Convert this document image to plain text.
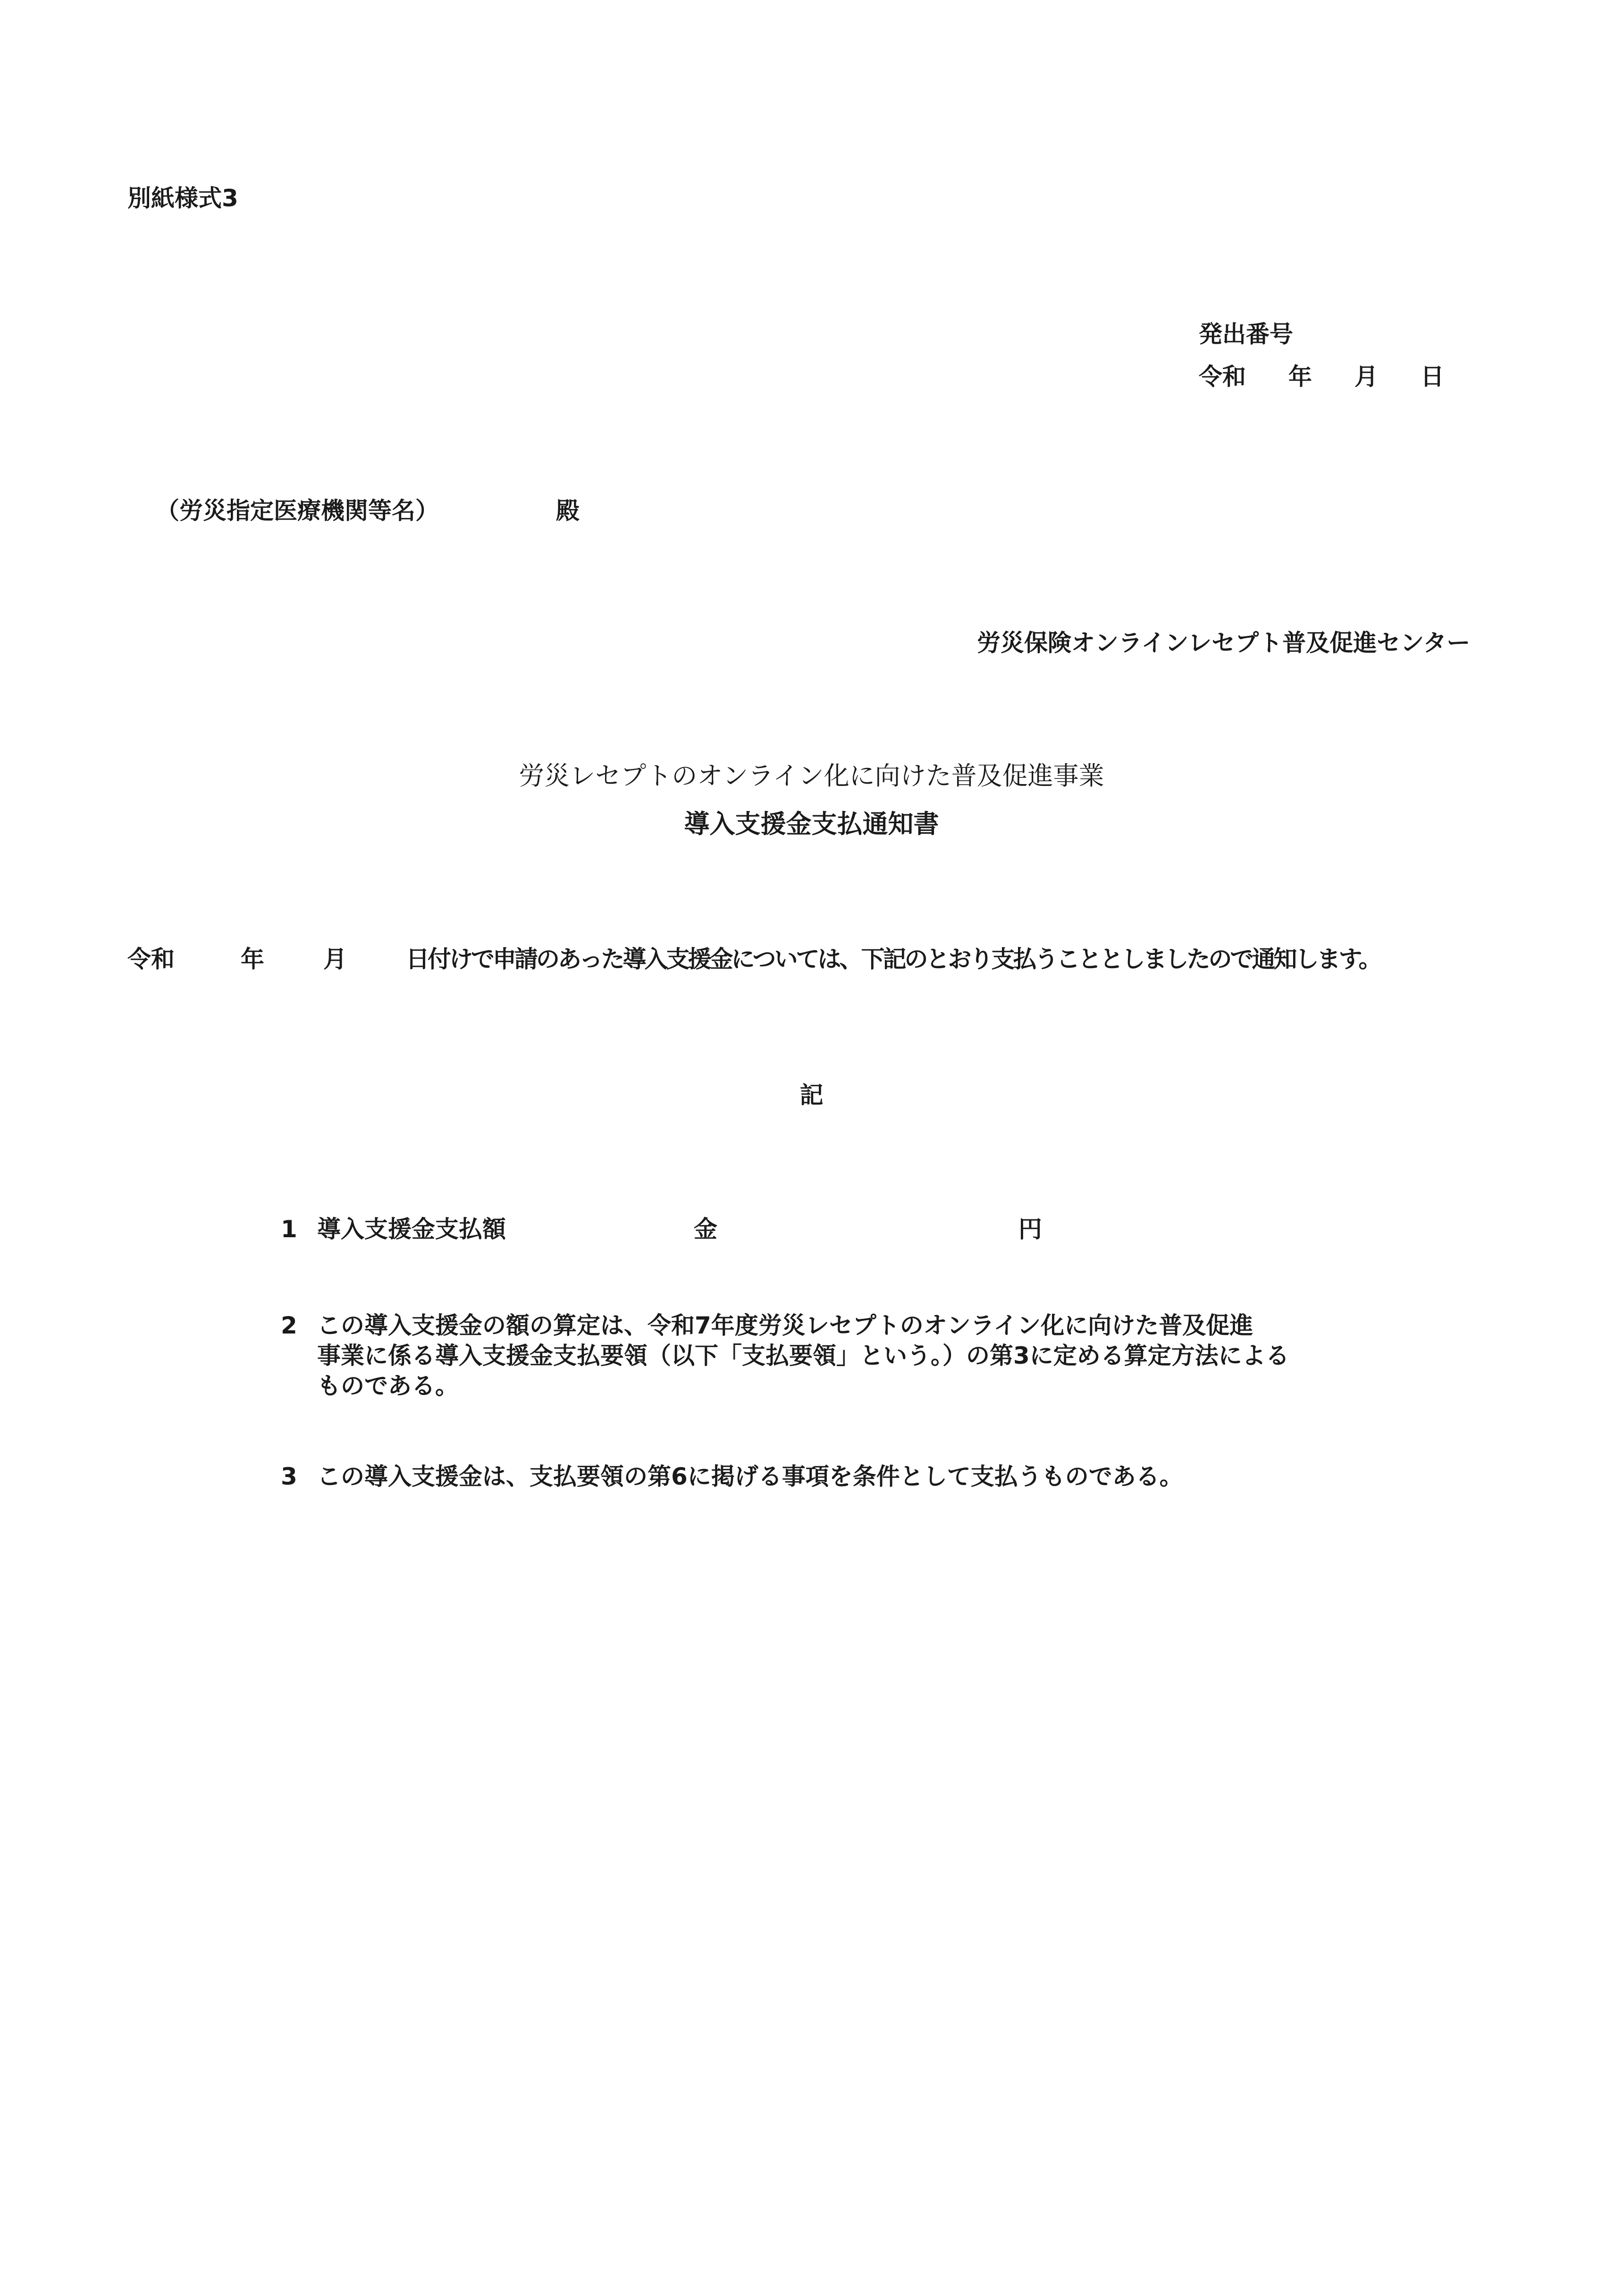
別紙様式3
発出番号
令和 年 月 日
（労災指定医療機関等名）	殿
労災保険オンラインレセプト普及促進センター
労災レセプトのオンライン化に向けた普及促進事業
導入支援金支払通知書
令和	年	月	日付けで申請のあった導入支援金については、下記のとおり支払うこととしましたので通知します。
記
1 導入支援金支払額	金	円
2 この導入支援金の額の算定は、令和7年度労災レセプトのオンライン化に向けた普及促進
事業に係る導入支援金支払要領（以下「支払要領」という。）の第3に定める算定方法による
ものである。
3 この導入支援金は、支払要領の第6に掲げる事項を条件として支払うものである。
